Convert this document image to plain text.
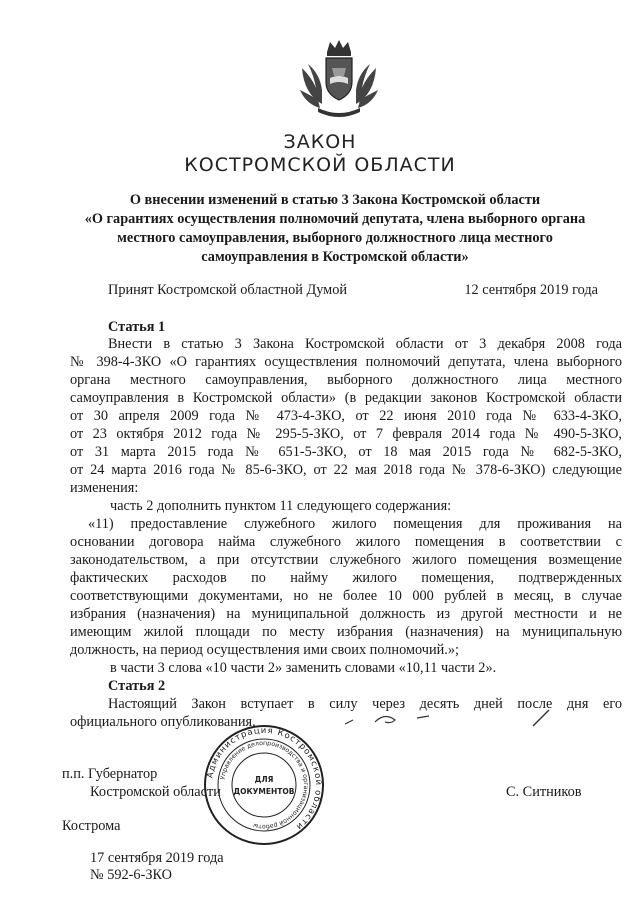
ЗАКОН
КОСТРОМСКОЙ ОБЛАСТИ
О внесении изменений в статью 3 Закона Костромской области
«О гарантиях осуществления полномочий депутата, члена выборного органа
местного самоуправления, выборного должностного лица местного
самоуправления в Костромской области»
Принят Костромской областной Думой	12 сентября 2019 года
Статья 1
Внести в статью 3 Закона Костромской области от 3 декабря 2008 года
№ 398-4-ЗКО «О гарантиях осуществления полномочий депутата, члена выборного
органа местного самоуправления, выборного должностного лица местного
самоуправления в Костромской области» (в редакции законов Костромской области
от 30 апреля 2009 года № 473-4-ЗКО, от 22 июня 2010 года № 633-4-ЗКО,
от 23 октября 2012 года № 295-5-ЗКО, от 7 февраля 2014 года № 490-5-ЗКО,
от 31 марта 2015 года № 651-5-ЗКО, от 18 мая 2015 года № 682-5-ЗКО,
от 24 марта 2016 года № 85-6-ЗКО, от 22 мая 2018 года № 378-6-ЗКО) следующие
изменения:
часть 2 дополнить пунктом 11 следующего содержания:
«11) предоставление служебного жилого помещения для проживания на
основании договора найма служебного жилого помещения в соответствии с
законодательством, а при отсутствии служебного жилого помещения возмещение
фактических расходов по найму жилого помещения, подтвержденных
соответствующими документами, но не более 10 000 рублей в месяц, в случае
избрания (назначения) на муниципальной должность из другой местности и не
имеющим жилой площади по месту избрания (назначения) на муниципальную
должность, на период осуществления ими своих полномочий.»;
в части 3 слова «10 части 2» заменить словами «10,11 части 2».
Статья 2
Настоящий Закон вступает в силу через десять дней после дня его
официального опубликования.
Администрация Костромской области
Управление делопроизводства и организационной работы
ДЛЯ
ДОКУМЕНТОВ
п.п. Губернатор
Костромской области	С. Ситников
Кострома
17 сентября 2019 года
№ 592-6-ЗКО
